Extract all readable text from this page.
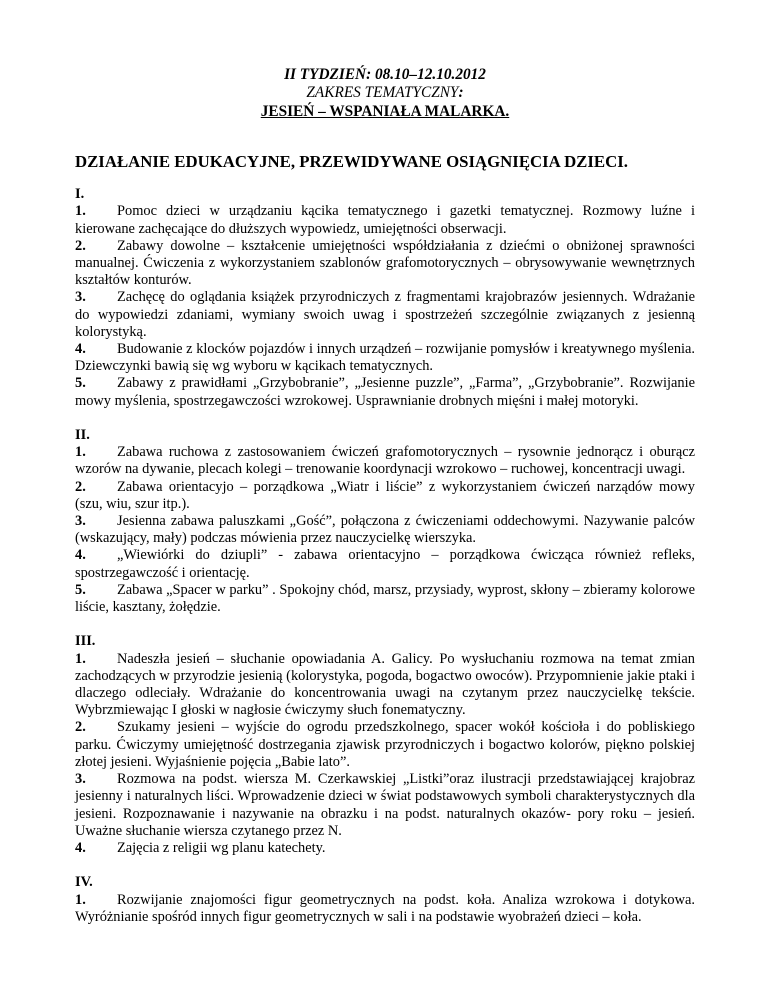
II TYDZIEŃ: 08.10–12.10.2012
ZAKRES TEMATYCZNY:
JESIEŃ – WSPANIAŁA MALARKA.
DZIAŁANIE EDUKACYJNE, PRZEWIDYWANE OSIĄGNIĘCIA DZIECI.
I.
1. Pomoc dzieci w urządzaniu kącika tematycznego i gazetki tematycznej. Rozmowy luźne i kierowane zachęcające do dłuższych wypowiedz, umiejętności obserwacji.
2. Zabawy dowolne – kształcenie umiejętności współdziałania z dziećmi o obniżonej sprawności manualnej. Ćwiczenia z wykorzystaniem szablonów grafomotorycznych – obrysowywanie wewnętrznych kształtów konturów.
3. Zachęcę do oglądania książek przyrodniczych z fragmentami krajobrazów jesiennych. Wdrażanie do wypowiedzi zdaniami, wymiany swoich uwag i spostrzeżeń szczególnie związanych z jesienną kolorystyką.
4. Budowanie z klocków pojazdów i innych urządzeń – rozwijanie pomysłów i kreatywnego myślenia. Dziewczynki bawią się wg wyboru w kącikach tematycznych.
5. Zabawy z prawidłami „Grzybobranie”, „Jesienne puzzle”, „Farma”, „Grzybobranie”. Rozwijanie mowy myślenia, spostrzegawczości wzrokowej. Usprawnianie drobnych mięśni i małej motoryki.
II.
1. Zabawa ruchowa z zastosowaniem ćwiczeń grafomotorycznych – rysownie jednorącz i oburącz wzorów na dywanie, plecach kolegi – trenowanie koordynacji wzrokowo – ruchowej, koncentracji uwagi.
2. Zabawa orientacyjo – porządkowa „Wiatr i liście” z wykorzystaniem ćwiczeń narządów mowy (szu, wiu, szur itp.).
3. Jesienna zabawa paluszkami „Gość”, połączona z ćwiczeniami oddechowymi. Nazywanie palców (wskazujący, mały) podczas mówienia przez nauczycielkę wierszyka.
4. „Wiewiórki do dziupli” - zabawa orientacyjno – porządkowa ćwicząca również refleks, spostrzegawczość i orientację.
5. Zabawa „Spacer w parku” . Spokojny chód, marsz, przysiady, wyprost, skłony – zbieramy kolorowe liście, kasztany, żołędzie.
III.
1. Nadeszła jesień – słuchanie opowiadania A. Galicy. Po wysłuchaniu rozmowa na temat zmian zachodzących w przyrodzie jesienią (kolorystyka, pogoda, bogactwo owoców). Przypomnienie jakie ptaki i dlaczego odleciały. Wdrażanie do koncentrowania uwagi na czytanym przez nauczycielkę tekście. Wybrzmiewając I głoski w nagłosie ćwiczymy słuch fonematyczny.
2. Szukamy jesieni – wyjście do ogrodu przedszkolnego, spacer wokół kościoła i do pobliskiego parku. Ćwiczymy umiejętność dostrzegania zjawisk przyrodniczych i bogactwo kolorów, piękno polskiej złotej jesieni. Wyjaśnienie pojęcia „Babie lato”.
3. Rozmowa na podst. wiersza M. Czerkawskiej „Listki”oraz ilustracji przedstawiającej krajobraz jesienny i naturalnych liści. Wprowadzenie dzieci w świat podstawowych symboli charakterystycznych dla jesieni. Rozpoznawanie i nazywanie na obrazku i na podst. naturalnych okazów- pory roku – jesień. Uważne słuchanie wiersza czytanego przez N.
4. Zajęcia z religii wg planu katechety.
IV.
1. Rozwijanie znajomości figur geometrycznych na podst. koła. Analiza wzrokowa i dotykowa. Wyróżnianie spośród innych figur geometrycznych w sali i na podstawie wyobrażeń dzieci – koła.
